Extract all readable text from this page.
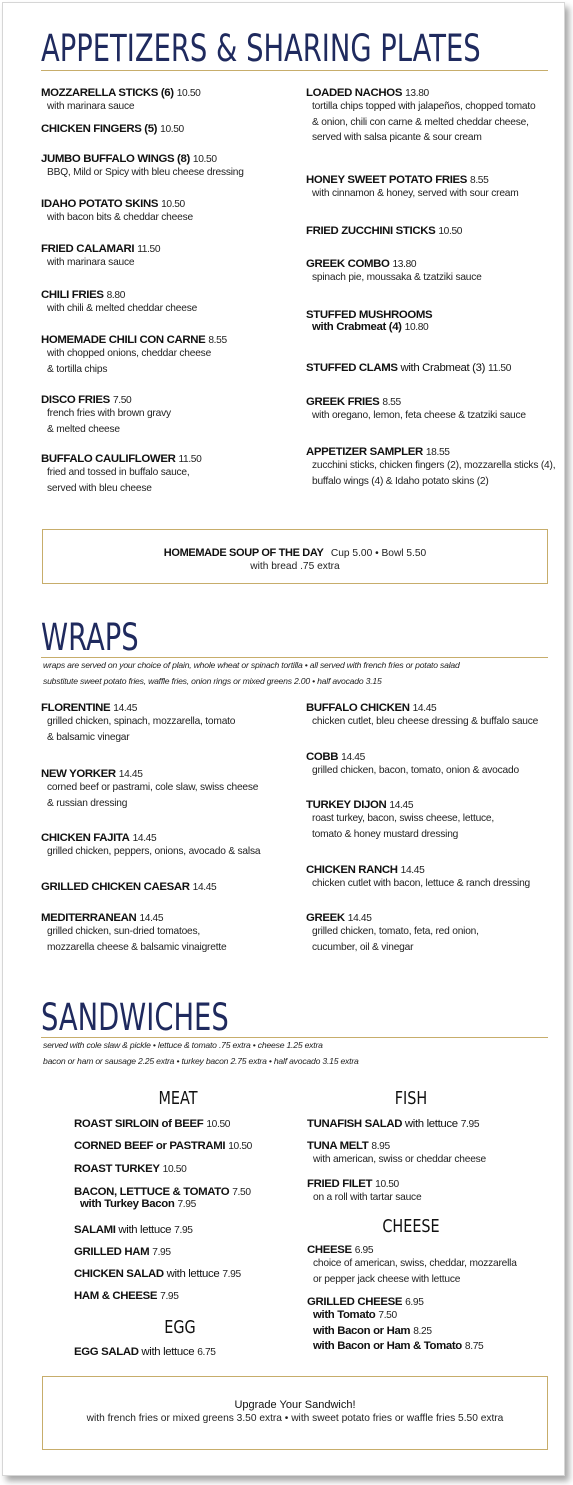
APPETIZERS & SHARING PLATES
MOZZARELLA STICKS (6) 10.50
with marinara sauce
CHICKEN FINGERS (5) 10.50
JUMBO BUFFALO WINGS (8) 10.50
BBQ, Mild or Spicy with bleu cheese dressing
IDAHO POTATO SKINS 10.50
with bacon bits & cheddar cheese
FRIED CALAMARI 11.50
with marinara sauce
CHILI FRIES 8.80
with chili & melted cheddar cheese
HOMEMADE CHILI CON CARNE 8.55
with chopped onions, cheddar cheese
& tortilla chips
DISCO FRIES 7.50
french fries with brown gravy
& melted cheese
BUFFALO CAULIFLOWER 11.50
fried and tossed in buffalo sauce,
served with bleu cheese
LOADED NACHOS 13.80
tortilla chips topped with jalapeños, chopped tomato
& onion, chili con carne & melted cheddar cheese,
served with salsa picante & sour cream
HONEY SWEET POTATO FRIES 8.55
with cinnamon & honey, served with sour cream
FRIED ZUCCHINI STICKS 10.50
GREEK COMBO 13.80
spinach pie, moussaka & tzatziki sauce
STUFFED MUSHROOMS
with Crabmeat (4) 10.80
STUFFED CLAMS with Crabmeat (3) 11.50
GREEK FRIES 8.55
with oregano, lemon, feta cheese & tzatziki sauce
APPETIZER SAMPLER 18.55
zucchini sticks, chicken fingers (2), mozzarella sticks (4),
buffalo wings (4) & Idaho potato skins (2)
HOMEMADE SOUP OF THE DAY Cup 5.00 • Bowl 5.50
with bread .75 extra
WRAPS
wraps are served on your choice of plain, whole wheat or spinach tortilla • all served with french fries or potato salad
substitute sweet potato fries, waffle fries, onion rings or mixed greens 2.00 • half avocado 3.15
FLORENTINE 14.45
grilled chicken, spinach, mozzarella, tomato
& balsamic vinegar
NEW YORKER 14.45
corned beef or pastrami, cole slaw, swiss cheese
& russian dressing
CHICKEN FAJITA 14.45
grilled chicken, peppers, onions, avocado & salsa
GRILLED CHICKEN CAESAR 14.45
MEDITERRANEAN 14.45
grilled chicken, sun-dried tomatoes,
mozzarella cheese & balsamic vinaigrette
BUFFALO CHICKEN 14.45
chicken cutlet, bleu cheese dressing & buffalo sauce
COBB 14.45
grilled chicken, bacon, tomato, onion & avocado
TURKEY DIJON 14.45
roast turkey, bacon, swiss cheese, lettuce,
tomato & honey mustard dressing
CHICKEN RANCH 14.45
chicken cutlet with bacon, lettuce & ranch dressing
GREEK 14.45
grilled chicken, tomato, feta, red onion,
cucumber, oil & vinegar

SANDWICHES
served with cole slaw & pickle • lettuce & tomato .75 extra • cheese 1.25 extra
bacon or ham or sausage 2.25 extra • turkey bacon 2.75 extra • half avocado 3.15 extra
MEAT
ROAST SIRLOIN of BEEF 10.50
CORNED BEEF or PASTRAMI 10.50
ROAST TURKEY 10.50
BACON, LETTUCE & TOMATO 7.50
with Turkey Bacon 7.95
SALAMI with lettuce 7.95
GRILLED HAM 7.95
CHICKEN SALAD with lettuce 7.95
HAM & CHEESE 7.95
EGG
EGG SALAD with lettuce 6.75
FISH
TUNAFISH SALAD with lettuce 7.95
TUNA MELT 8.95
with american, swiss or cheddar cheese
FRIED FILET 10.50
on a roll with tartar sauce
CHEESE
CHEESE 6.95
choice of american, swiss, cheddar, mozzarella
or pepper jack cheese with lettuce
GRILLED CHEESE 6.95
with Tomato 7.50
with Bacon or Ham 8.25
with Bacon or Ham & Tomato 8.75
Upgrade Your Sandwich!
with french fries or mixed greens 3.50 extra • with sweet potato fries or waffle fries 5.50 extra
